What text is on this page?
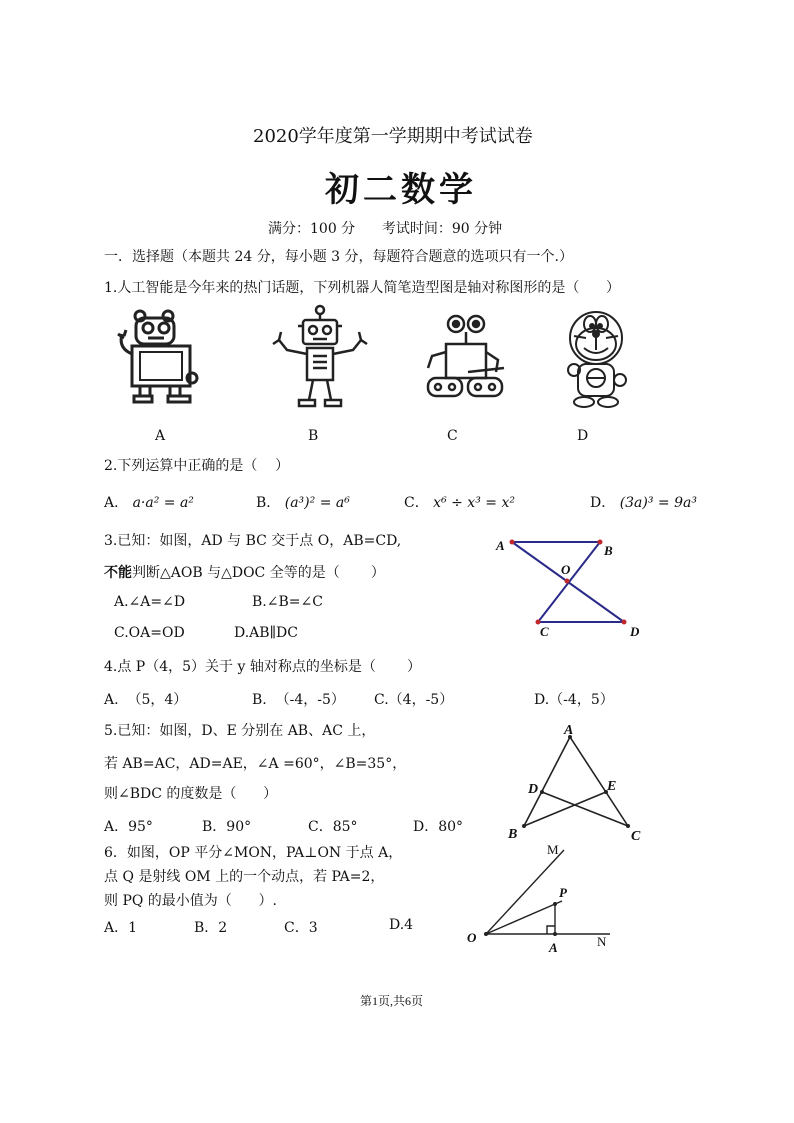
2020学年度第一学期期中考试试卷
初二数学
满分：100 分      考试时间：90 分钟
一．选择题（本题共 24 分，每小题 3 分，每题符合题意的选项只有一个.）
1.人工智能是今年来的热门话题，下列机器人简笔造型图是轴对称图形的是（      ）
A	B	C	D
2.下列运算中正确的是（    ）
A． a·a² = a²	B． (a³)² = a⁶	C． x⁶ ÷ x³ = x²	D． (3a)³ = 9a³
3.已知：如图，AD 与 BC 交于点 O，AB=CD,
不能判断△AOB 与△DOC 全等的是（       ）
A.∠A=∠D	B.∠B=∠C
C.OA=OD	D.AB∥DC
A	B
O
C	D
4.点 P（4，5）关于 y 轴对称点的坐标是（       ）
A.  （5，4）	B.  （-4，-5） C.（4，-5）	D.（-4，5）
5.已知：如图，D、E 分别在 AB、AC 上，
若 AB=AC，AD=AE，∠A =60°，∠B=35°，
则∠BDC 的度数是（      ）
A．95°	B．90°	C．85°	D．80°
A
D	E
B	C
6．如图，OP 平分∠MON，PA⊥ON 于点 A，
点 Q 是射线 OM 上的一个动点，若 PA=2，
则 PQ 的最小值为（      ）.
A．1	B．2	C．3	D.4
M
P
O
A	N
第1页,共6页
